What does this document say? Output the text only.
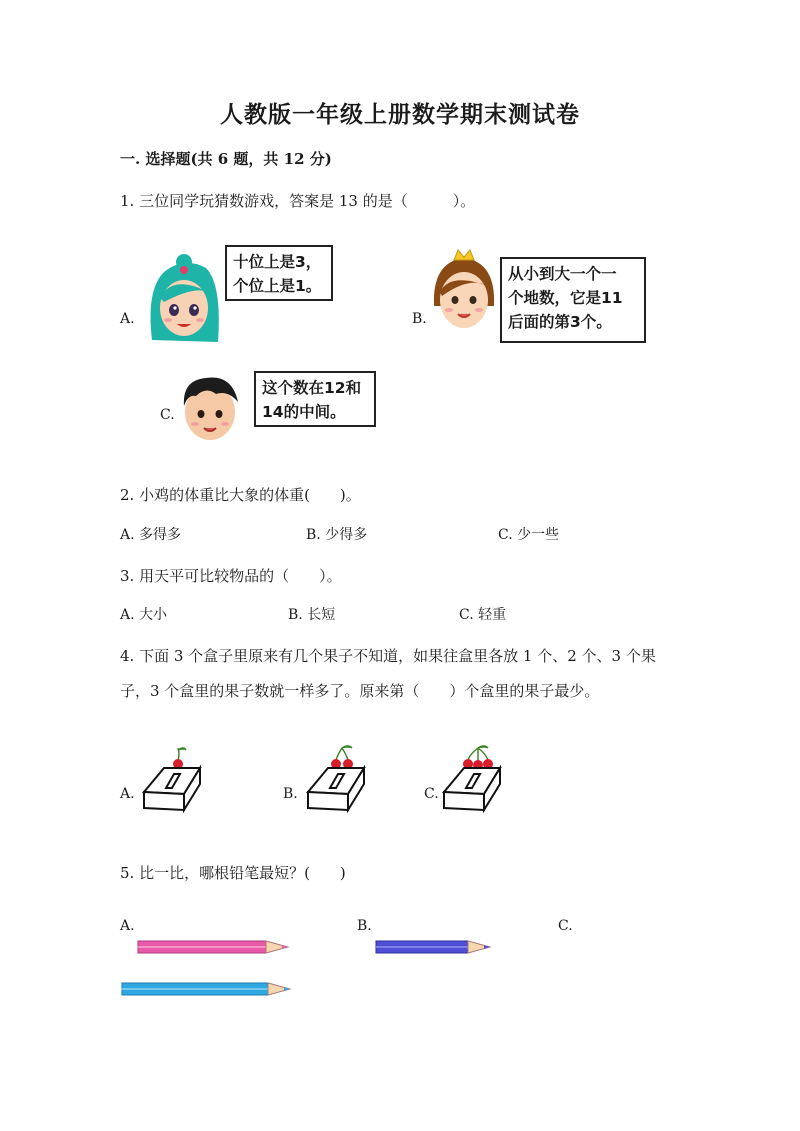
人教版一年级上册数学期末测试卷
一. 选择题(共 6 题，共 12 分)
1. 三位同学玩猜数游戏，答案是 13 的是（　　　）。
A.
十位上是3，
个位上是1。
B.
从小到大一个一
个地数，它是11
后面的第3个。
C.
这个数在12和
14的中间。
2. 小鸡的体重比大象的体重(　　)。
A. 多得多	B. 少得多	C. 少一些
3. 用天平可比较物品的（　　）。
A. 大小	B. 长短	C. 轻重
4. 下面 3 个盒子里原来有几个果子不知道，如果往盒里各放 1 个、2 个、3 个果
子，3 个盒里的果子数就一样多了。原来第（　　）个盒里的果子最少。
A.	B.	C.
5. 比一比，哪根铅笔最短？(　　)
A.	B.	C.
